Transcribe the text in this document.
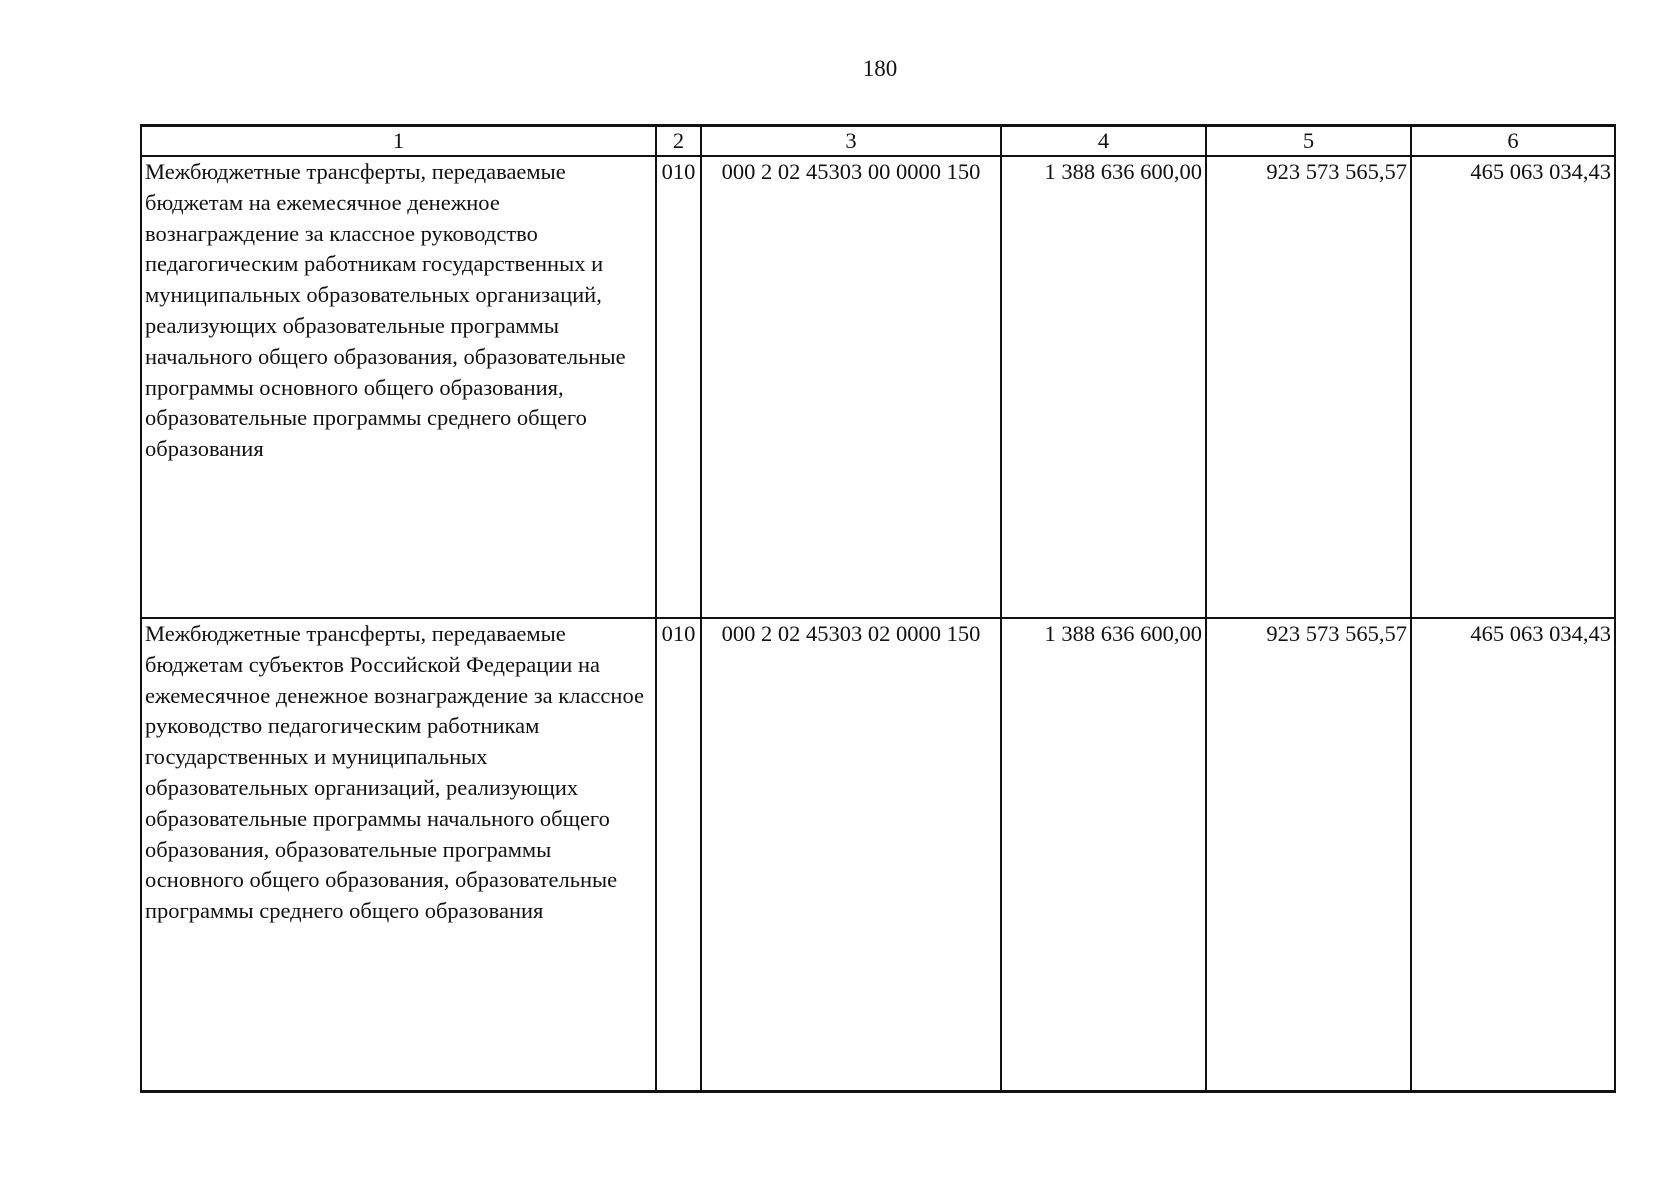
180
1	2	3	4	5	6
Межбюджетные трансферты, передаваемые бюджетам на ежемесячное денежное вознаграждение за классное руководство педагогическим работникам государственных и муниципальных образовательных организаций, реализующих образовательные программы начального общего образования, образовательные программы основного общего образования, образовательные программы среднего общего образования	010	000 2 02 45303 00 0000 150	1 388 636 600,00	923 573 565,57	465 063 034,43
Межбюджетные трансферты, передаваемые бюджетам субъектов Российской Федерации на ежемесячное денежное вознаграждение за классное руководство педагогическим работникам государственных и муниципальных образовательных организаций, реализующих образовательные программы начального общего образования, образовательные программы основного общего образования, образовательные программы среднего общего образования	010	000 2 02 45303 02 0000 150	1 388 636 600,00	923 573 565,57	465 063 034,43
